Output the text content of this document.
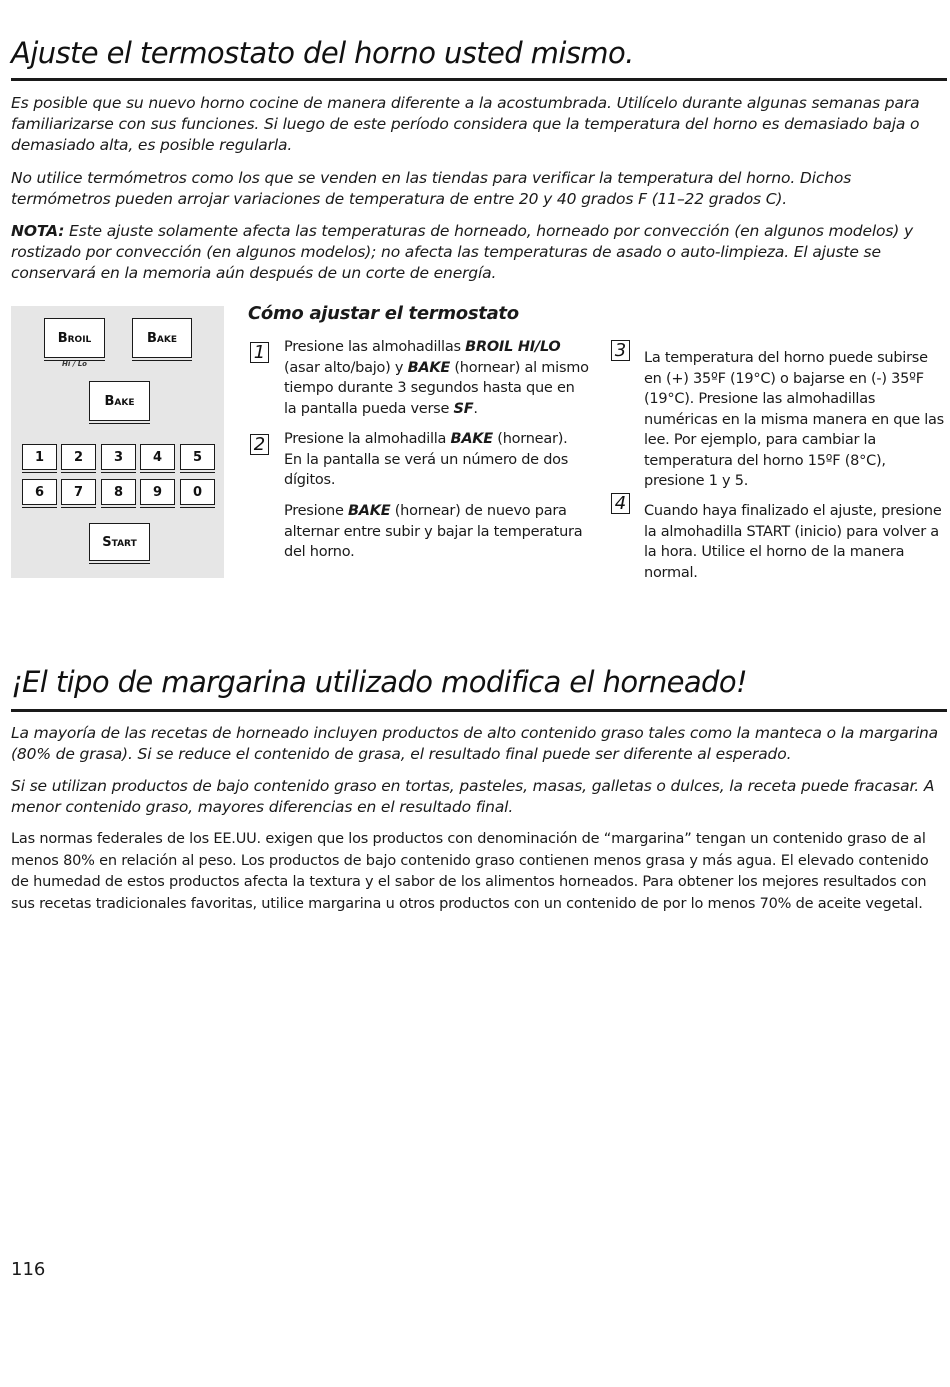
Ajuste el termostato del horno usted mismo.

Es posible que su nuevo horno cocine de manera diferente a la acostumbrada. Utilícelo durante algunas semanas para familiarizarse con sus funciones. Si luego de este período considera que la temperatura del horno es demasiado baja o demasiado alta, es posible regularla.

No utilice termómetros como los que se venden en las tiendas para verificar la temperatura del horno. Dichos termómetros pueden arrojar variaciones de temperatura de entre 20 y 40 grados F (11–22 grados C).

NOTA: Este ajuste solamente afecta las temperaturas de horneado, horneado por convección (en algunos modelos) y rostizado por convección (en algunos modelos); no afecta las temperaturas de asado o auto-limpieza. El ajuste se conservará en la memoria aún después de un corte de energía.

Broil
Hi / Lo
Bake
Bake
1	2	3	4	5
6	7	8	9	0
Start
Cómo ajustar el termostato
1 Presione las almohadillas BROIL HI/LO (asar alto/bajo) y BAKE (hornear) al mismo tiempo durante 3 segundos hasta que en la pantalla pueda verse SF.

2 Presione la almohadilla BAKE (hornear). En la pantalla se verá un número de dos dígitos.

Presione BAKE (hornear) de nuevo para alternar entre subir y bajar la temperatura del horno.

3 La temperatura del horno puede subirse en (+) 35ºF (19°C) o bajarse en (-) 35ºF (19°C). Presione las almohadillas numéricas en la misma manera en que las lee. Por ejemplo, para cambiar la temperatura del horno 15ºF (8°C), presione 1 y 5.

4 Cuando haya finalizado el ajuste, presione la almohadilla START (inicio) para volver a la hora. Utilice el horno de la manera normal.

¡El tipo de margarina utilizado modifica el horneado!

La mayoría de las recetas de horneado incluyen productos de alto contenido graso tales como la manteca o la margarina (80% de grasa). Si se reduce el contenido de grasa, el resultado final puede ser diferente al esperado.

Si se utilizan productos de bajo contenido graso en tortas, pasteles, masas, galletas o dulces, la receta puede fracasar. A menor contenido graso, mayores diferencias en el resultado final.

Las normas federales de los EE.UU. exigen que los productos con denominación de “margarina” tengan un contenido graso de al menos 80% en relación al peso. Los productos de bajo contenido graso contienen menos grasa y más agua. El elevado contenido de humedad de estos productos afecta la textura y el sabor de los alimentos horneados. Para obtener los mejores resultados con sus recetas tradicionales favoritas, utilice margarina u otros productos con un contenido de por lo menos 70% de aceite vegetal.

116
